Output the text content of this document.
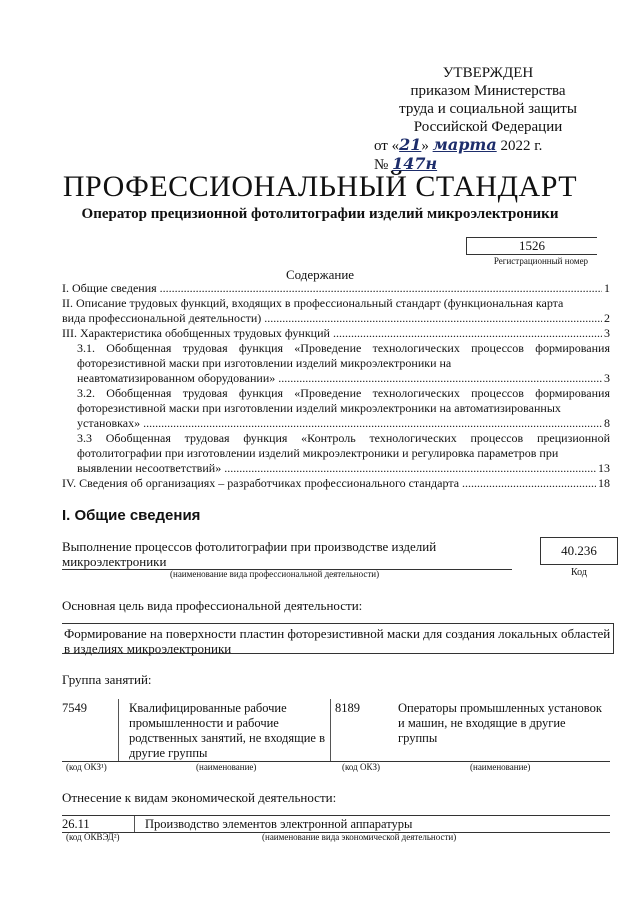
УТВЕРЖДЕН
приказом Министерства
труда и социальной защиты
Российской Федерации
от «21» марта 2022 г. № 147н
ПРОФЕССИОНАЛЬНЫЙ СТАНДАРТ
Оператор прецизионной фотолитографии изделий микроэлектроники
1526
Регистрационный номер
Содержание
I. Общие сведения .....	1
II. Описание трудовых функций, входящих в профессиональный стандарт (функциональная карта
вида профессиональной деятельности) .....	2
III. Характеристика обобщенных трудовых функций .....	3
3.1. Обобщенная трудовая функция «Проведение технологических процессов формирования фоторезистивной маски при изготовлении изделий микроэлектроники на
неавтоматизированном оборудовании» .....	3
3.2. Обобщенная трудовая функция «Проведение технологических процессов формирования фоторезистивной маски при изготовлении изделий микроэлектроники на автоматизированных
установках» .....	8
3.3 Обобщенная трудовая функция «Контроль технологических процессов прецизионной фотолитографии при изготовлении изделий микроэлектроники и регулировка параметров при
выявлении несоответствий» .....	13
IV. Сведения об организациях – разработчиках профессионального стандарта .....	18
I. Общие сведения
Выполнение процессов фотолитографии при производстве изделий микроэлектроники
(наименование вида профессиональной деятельности)
40.236
Код
Основная цель вида профессиональной деятельности:
Формирование на поверхности пластин фоторезистивной маски для создания локальных областей в изделиях микроэлектроники
Группа занятий:
7549	Квалифицированные рабочие промышленности и рабочие родственных занятий, не входящие в другие группы
8189	Операторы промышленных установок и машин, не входящие в другие группы
(код ОКЗ¹)	(наименование)	(код ОКЗ)	(наименование)
Отнесение к видам экономической деятельности:
26.11	Производство элементов электронной аппаратуры
(код ОКВЭД²)	(наименование вида экономической деятельности)
